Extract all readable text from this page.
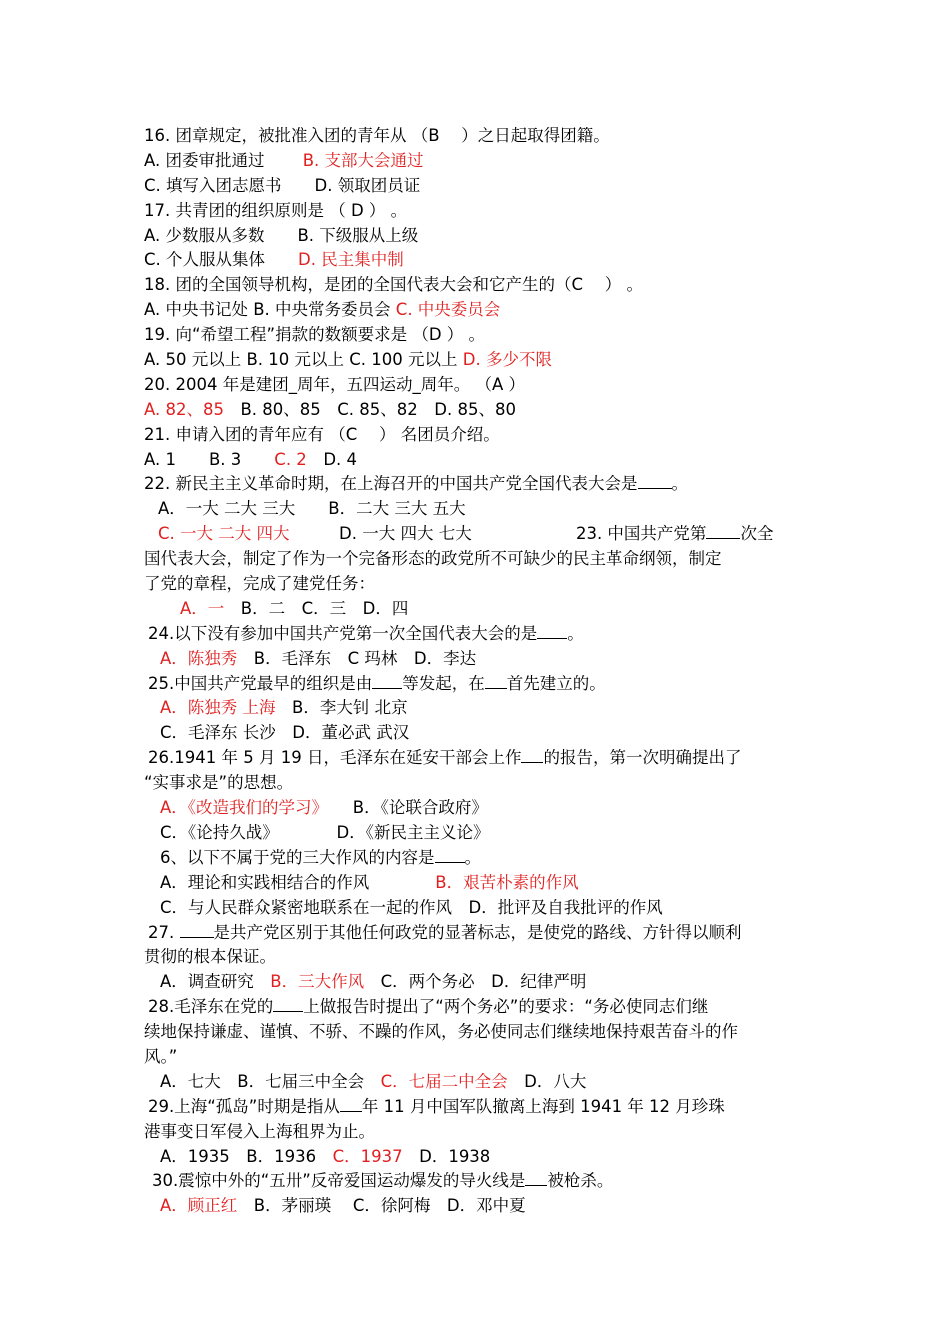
16. 团章规定，被批准入团的青年从 （B　 ）之日起取得团籍。
A. 团委审批通过　　 B. 支部大会通过
C. 填写入团志愿书　　D. 领取团员证
17. 共青团的组织原则是 （ D ） 。
A. 少数服从多数　　B. 下级服从上级
C. 个人服从集体　　D. 民主集中制
18. 团的全国领导机构，是团的全国代表大会和它产生的（C　 ） 。
A. 中央书记处 B. 中央常务委员会 C. 中央委员会
19. 向“希望工程”捐款的数额要求是 （D ） 。
A. 50 元以上 B. 10 元以上 C. 100 元以上 D. 多少不限
20. 2004 年是建团_周年，五四运动_周年。 （A ）
A. 82、85　B. 80、85　C. 85、82　D. 85、80
21. 申请入团的青年应有 （C　 ） 名团员介绍。
A. 1　　B. 3　　C. 2　D. 4
22. 新民主主义革命时期，在上海召开的中国共产党全国代表大会是 。
A．一大 二大 三大　　B．二大 三大 五大
C. 一大 二大 四大　　　D. 一大 四大 七大　　　　　　 23. 中国共产党第 次全
国代表大会，制定了作为一个完备形态的政党所不可缺少的民主革命纲领，制定
了党的章程，完成了建党任务：
A．一　B．二　C．三　D．四
24.以下没有参加中国共产党第一次全国代表大会的是 。
A．陈独秀　B．毛泽东　C 玛林　D．李达
25.中国共产党最早的组织是由 等发起，在 首先建立的。
A．陈独秀 上海　B．李大钊 北京
C．毛泽东 长沙　D．董必武 武汉
26.1941 年 5 月 19 日，毛泽东在延安干部会上作 的报告，第一次明确提出了
“实事求是”的思想。
A．《改造我们的学习》　　B．《论联合政府》
C．《论持久战》　　　　D．《新民主主义论》
6、以下不属于党的三大作风的内容是 。
A．理论和实践相结合的作风　　　　B．艰苦朴素的作风
C．与人民群众紧密地联系在一起的作风　D．批评及自我批评的作风
27. 是共产党区别于其他任何政党的显著标志，是使党的路线、方针得以顺利
贯彻的根本保证。
A．调查研究　B．三大作风　C．两个务必　D．纪律严明
28.毛泽东在党的 上做报告时提出了“两个务必”的要求：“务必使同志们继
续地保持谦虚、谨慎、不骄、不躁的作风，务必使同志们继续地保持艰苦奋斗的作
风。”
A．七大　B．七届三中全会　C．七届二中全会　D．八大
29.上海“孤岛”时期是指从 年 11 月中国军队撤离上海到 1941 年 12 月珍珠
港事变日军侵入上海租界为止。
A．1935　B．1936　C．1937　D．1938
30.震惊中外的“五卅”反帝爱国运动爆发的导火线是 被枪杀。
A．顾正红　B．茅丽瑛　 C．徐阿梅　D．邓中夏
